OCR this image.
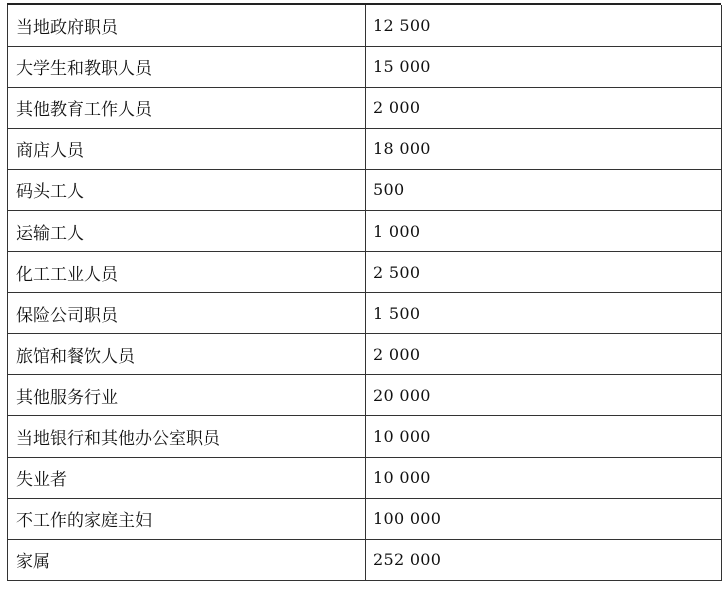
当地政府职员	12 500
大学生和教职人员	15 000
其他教育工作人员	2 000
商店人员	18 000
码头工人	500
运输工人	1 000
化工工业人员	2 500
保险公司职员	1 500
旅馆和餐饮人员	2 000
其他服务行业	20 000
当地银行和其他办公室职员	10 000
失业者	10 000
不工作的家庭主妇	100 000
家属	252 000
